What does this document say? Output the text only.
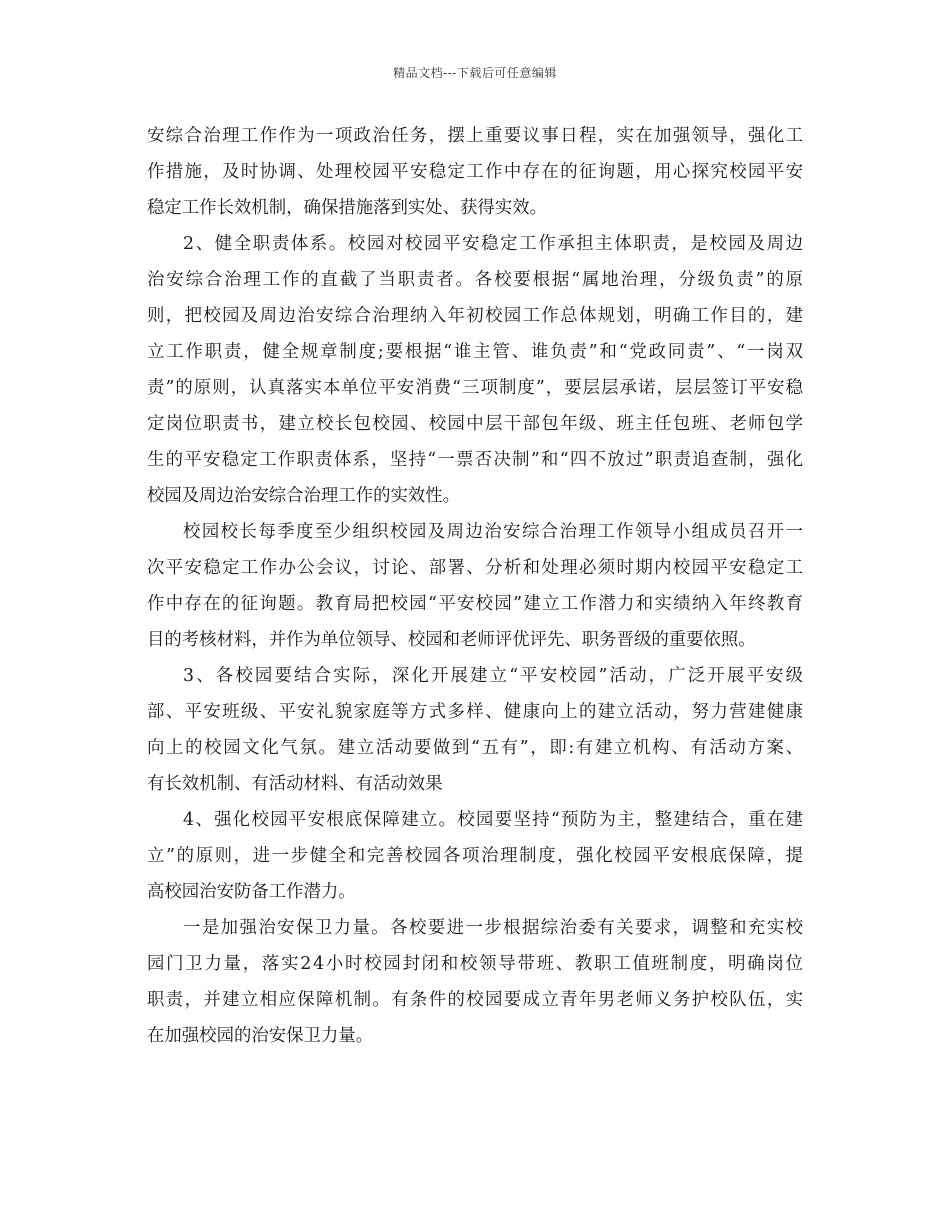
精品文档---下载后可任意编辑
安综合治理工作作为一项政治任务，摆上重要议事日程，实在加强领导，强化工
作措施，及时协调、处理校园平安稳定工作中存在的征询题，用心探究校园平安
稳定工作长效机制，确保措施落到实处、获得实效。
2、健全职责体系。校园对校园平安稳定工作承担主体职责，是校园及周边
治安综合治理工作的直截了当职责者。各校要根据“属地治理，分级负责”的原
则，把校园及周边治安综合治理纳入年初校园工作总体规划，明确工作目的，建
立工作职责，健全规章制度;要根据“谁主管、谁负责”和“党政同责”、“一岗双
责”的原则，认真落实本单位平安消费“三项制度”，要层层承诺，层层签订平安稳
定岗位职责书，建立校长包校园、校园中层干部包年级、班主任包班、老师包学
生的平安稳定工作职责体系，坚持“一票否决制”和“四不放过”职责追查制，强化
校园及周边治安综合治理工作的实效性。
校园校长每季度至少组织校园及周边治安综合治理工作领导小组成员召开一
次平安稳定工作办公会议，讨论、部署、分析和处理必须时期内校园平安稳定工
作中存在的征询题。教育局把校园“平安校园”建立工作潜力和实绩纳入年终教育
目的考核材料，并作为单位领导、校园和老师评优评先、职务晋级的重要依照。
3、各校园要结合实际，深化开展建立“平安校园”活动，广泛开展平安级
部、平安班级、平安礼貌家庭等方式多样、健康向上的建立活动，努力营建健康
向上的校园文化气氛。建立活动要做到“五有”，即:有建立机构、有活动方案、
有长效机制、有活动材料、有活动效果
4、强化校园平安根底保障建立。校园要坚持“预防为主，整建结合，重在建
立”的原则，进一步健全和完善校园各项治理制度，强化校园平安根底保障，提
高校园治安防备工作潜力。
一是加强治安保卫力量。各校要进一步根据综治委有关要求，调整和充实校
园门卫力量，落实24小时校园封闭和校领导带班、教职工值班制度，明确岗位
职责，并建立相应保障机制。有条件的校园要成立青年男老师义务护校队伍，实
在加强校园的治安保卫力量。
